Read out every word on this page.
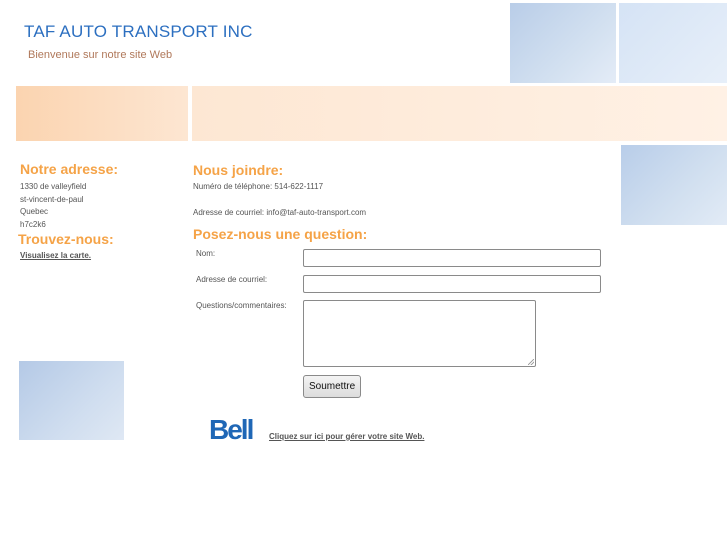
TAF AUTO TRANSPORT INC
Bienvenue sur notre site Web
Notre adresse:
1330 de valleyfield
st-vincent-de-paul
Quebec
h7c2k6
Trouvez-nous:
Visualisez la carte.
Nous joindre:
Numéro de téléphone: 514-622-1117
Adresse de courriel: info@taf-auto-transport.com
Posez-nous une question:
Nom:
Adresse de courriel:
Questions/commentaires:
Soumettre
Bell Cliquez sur ici pour gérer votre site Web.
